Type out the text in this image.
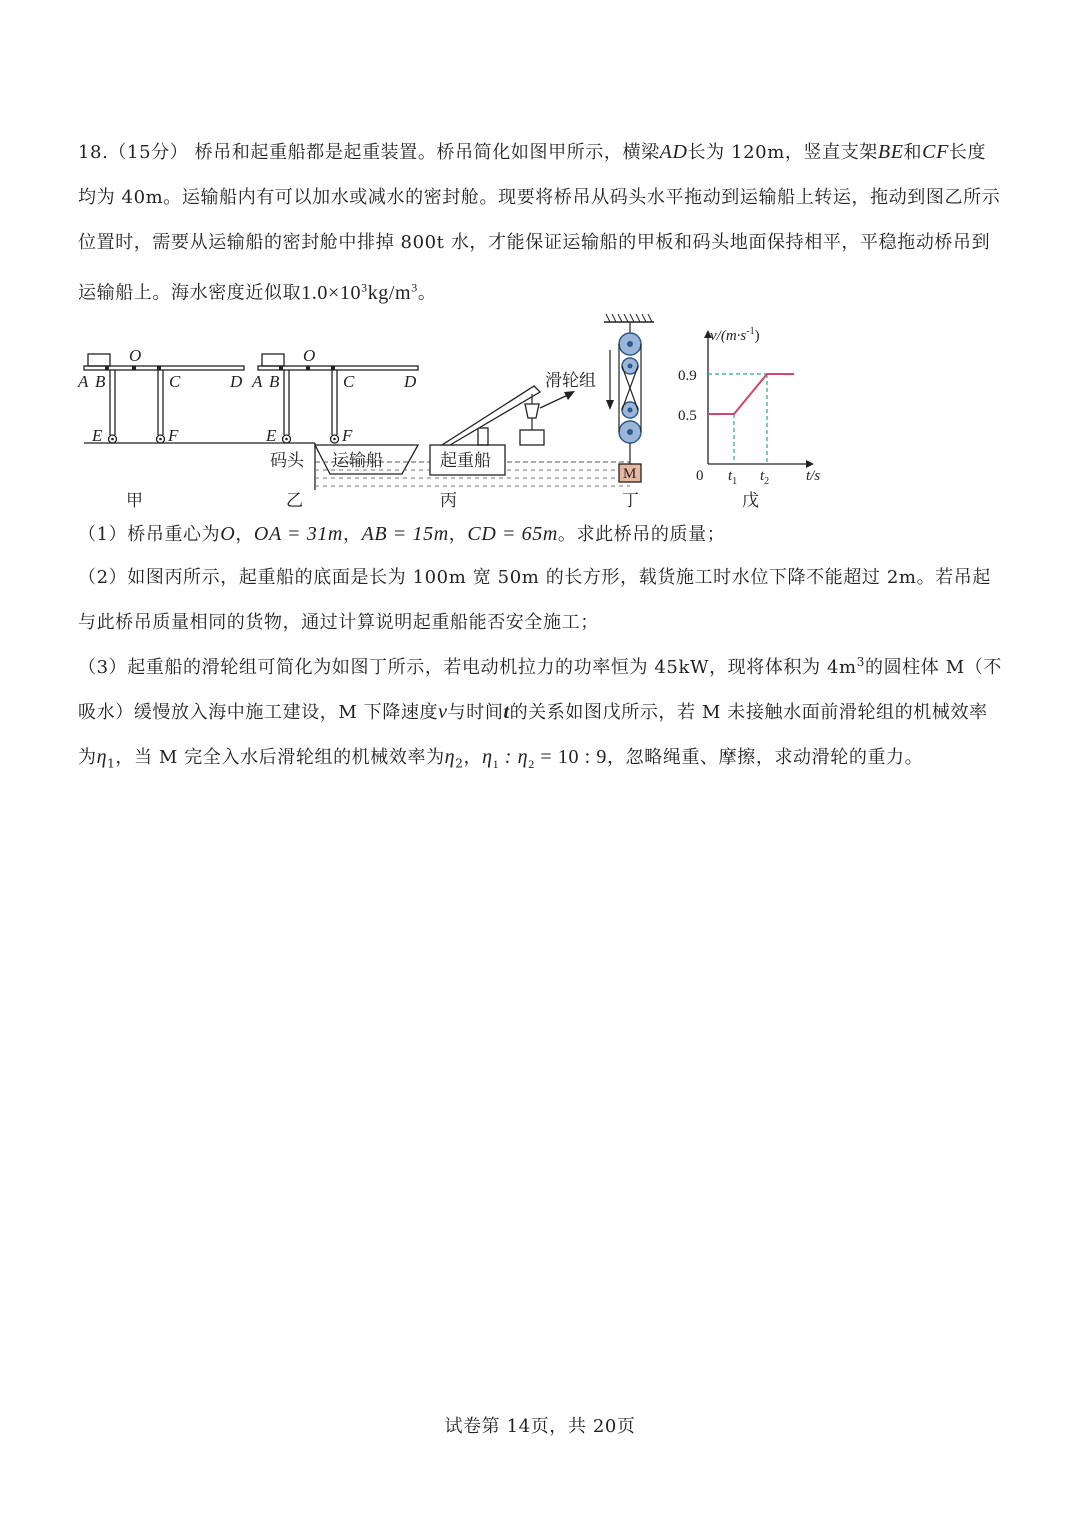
18.（15分） 桥吊和起重船都是起重装置。桥吊简化如图甲所示，横梁AD长为 120m，竖直支架BE和CF长度均为 40m。运输船内有可以加水或减水的密封舱。现要将桥吊从码头水平拖动到运输船上转运，拖动到图乙所示位置时，需要从运输船的密封舱中排掉 800t 水，才能保证运输船的甲板和码头地面保持相平，平稳拖动桥吊到运输船上。海水密度近似取$1.0\times 10^3kg/m^3$。
A B
O
C	D
E	F
甲
A B
O
C	D
E	F
码头 运输船
乙
滑轮组
起重船
丙
M
丁
$v/(m\cdot s^{-1})$
0.9
0.5
0 $t_1$ $t_2$ t/s
戊
（1）桥吊重心为O，OA = 31m，AB = 15m，CD = 65m。求此桥吊的质量；
（2）如图丙所示，起重船的底面是长为 100m 宽 50m 的长方形，载货施工时水位下降不能超过 2m。若吊起与此桥吊质量相同的货物，通过计算说明起重船能否安全施工；
（3）起重船的滑轮组可简化为如图丁所示，若电动机拉力的功率恒为 45kW，现将体积为 $4m^3$的圆柱体 M（不吸水）缓慢放入海中施工建设，M 下降速度v与时间t的关系如图戊所示，若 M 未接触水面前滑轮组的机械效率为$\eta_1$，当 M 完全入水后滑轮组的机械效率为$\eta_2$，$\eta_1$ : $\eta_2 = 10$ : 9，忽略绳重、摩擦，求动滑轮的重力。
试卷第 14页，共 20页
